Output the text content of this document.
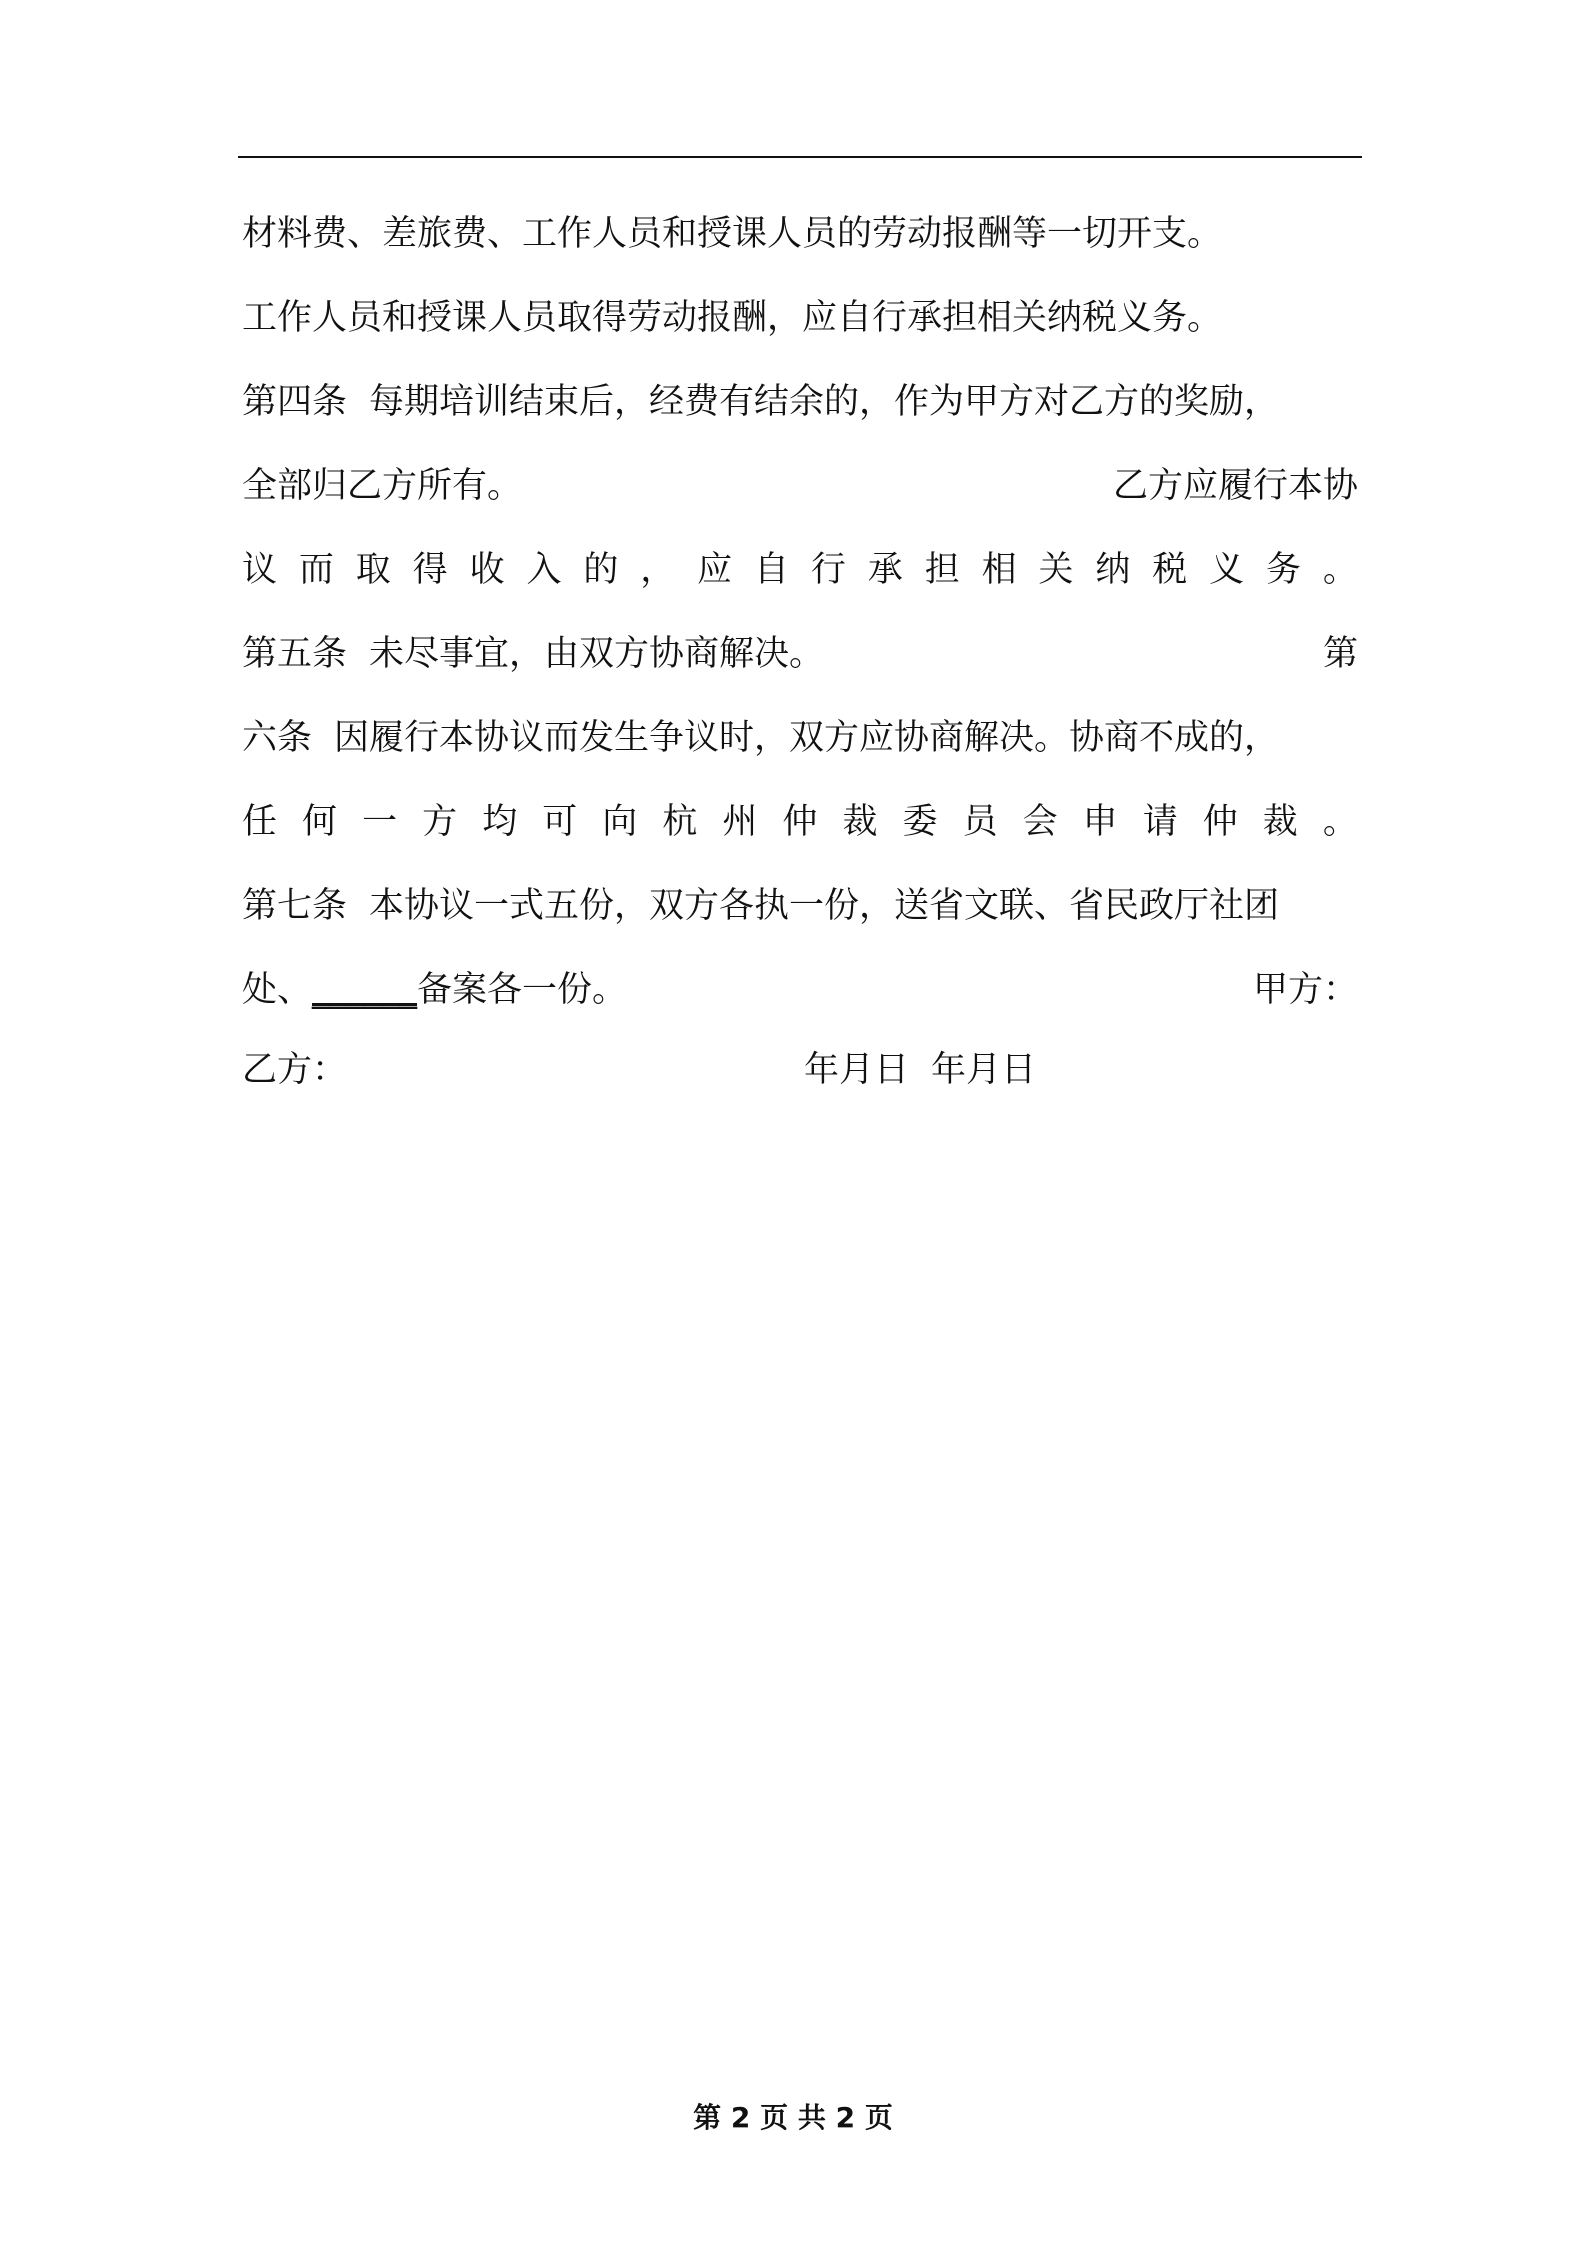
材料费、差旅费、工作人员和授课人员的劳动报酬等一切开支。
工作人员和授课人员取得劳动报酬，应自行承担相关纳税义务。
第四条 每期培训结束后，经费有结余的，作为甲方对乙方的奖励，
全部归乙方所有。	乙方应履行本协
议 而 取 得 收 入 的 ， 应 自 行 承 担 相 关 纳 税 义 务 。
第五条 未尽事宜，由双方协商解决。	第
六条 因履行本协议而发生争议时，双方应协商解决。协商不成的，
任 何 一 方 均 可 向 杭 州 仲 裁 委 员 会 申 请 仲 裁 。
第七条 本协议一式五份，双方各执一份，送省文联、省民政厅社团
处、______备案各一份。	甲方：
乙方：	年月日 年月日
第 2 页 共 2 页
